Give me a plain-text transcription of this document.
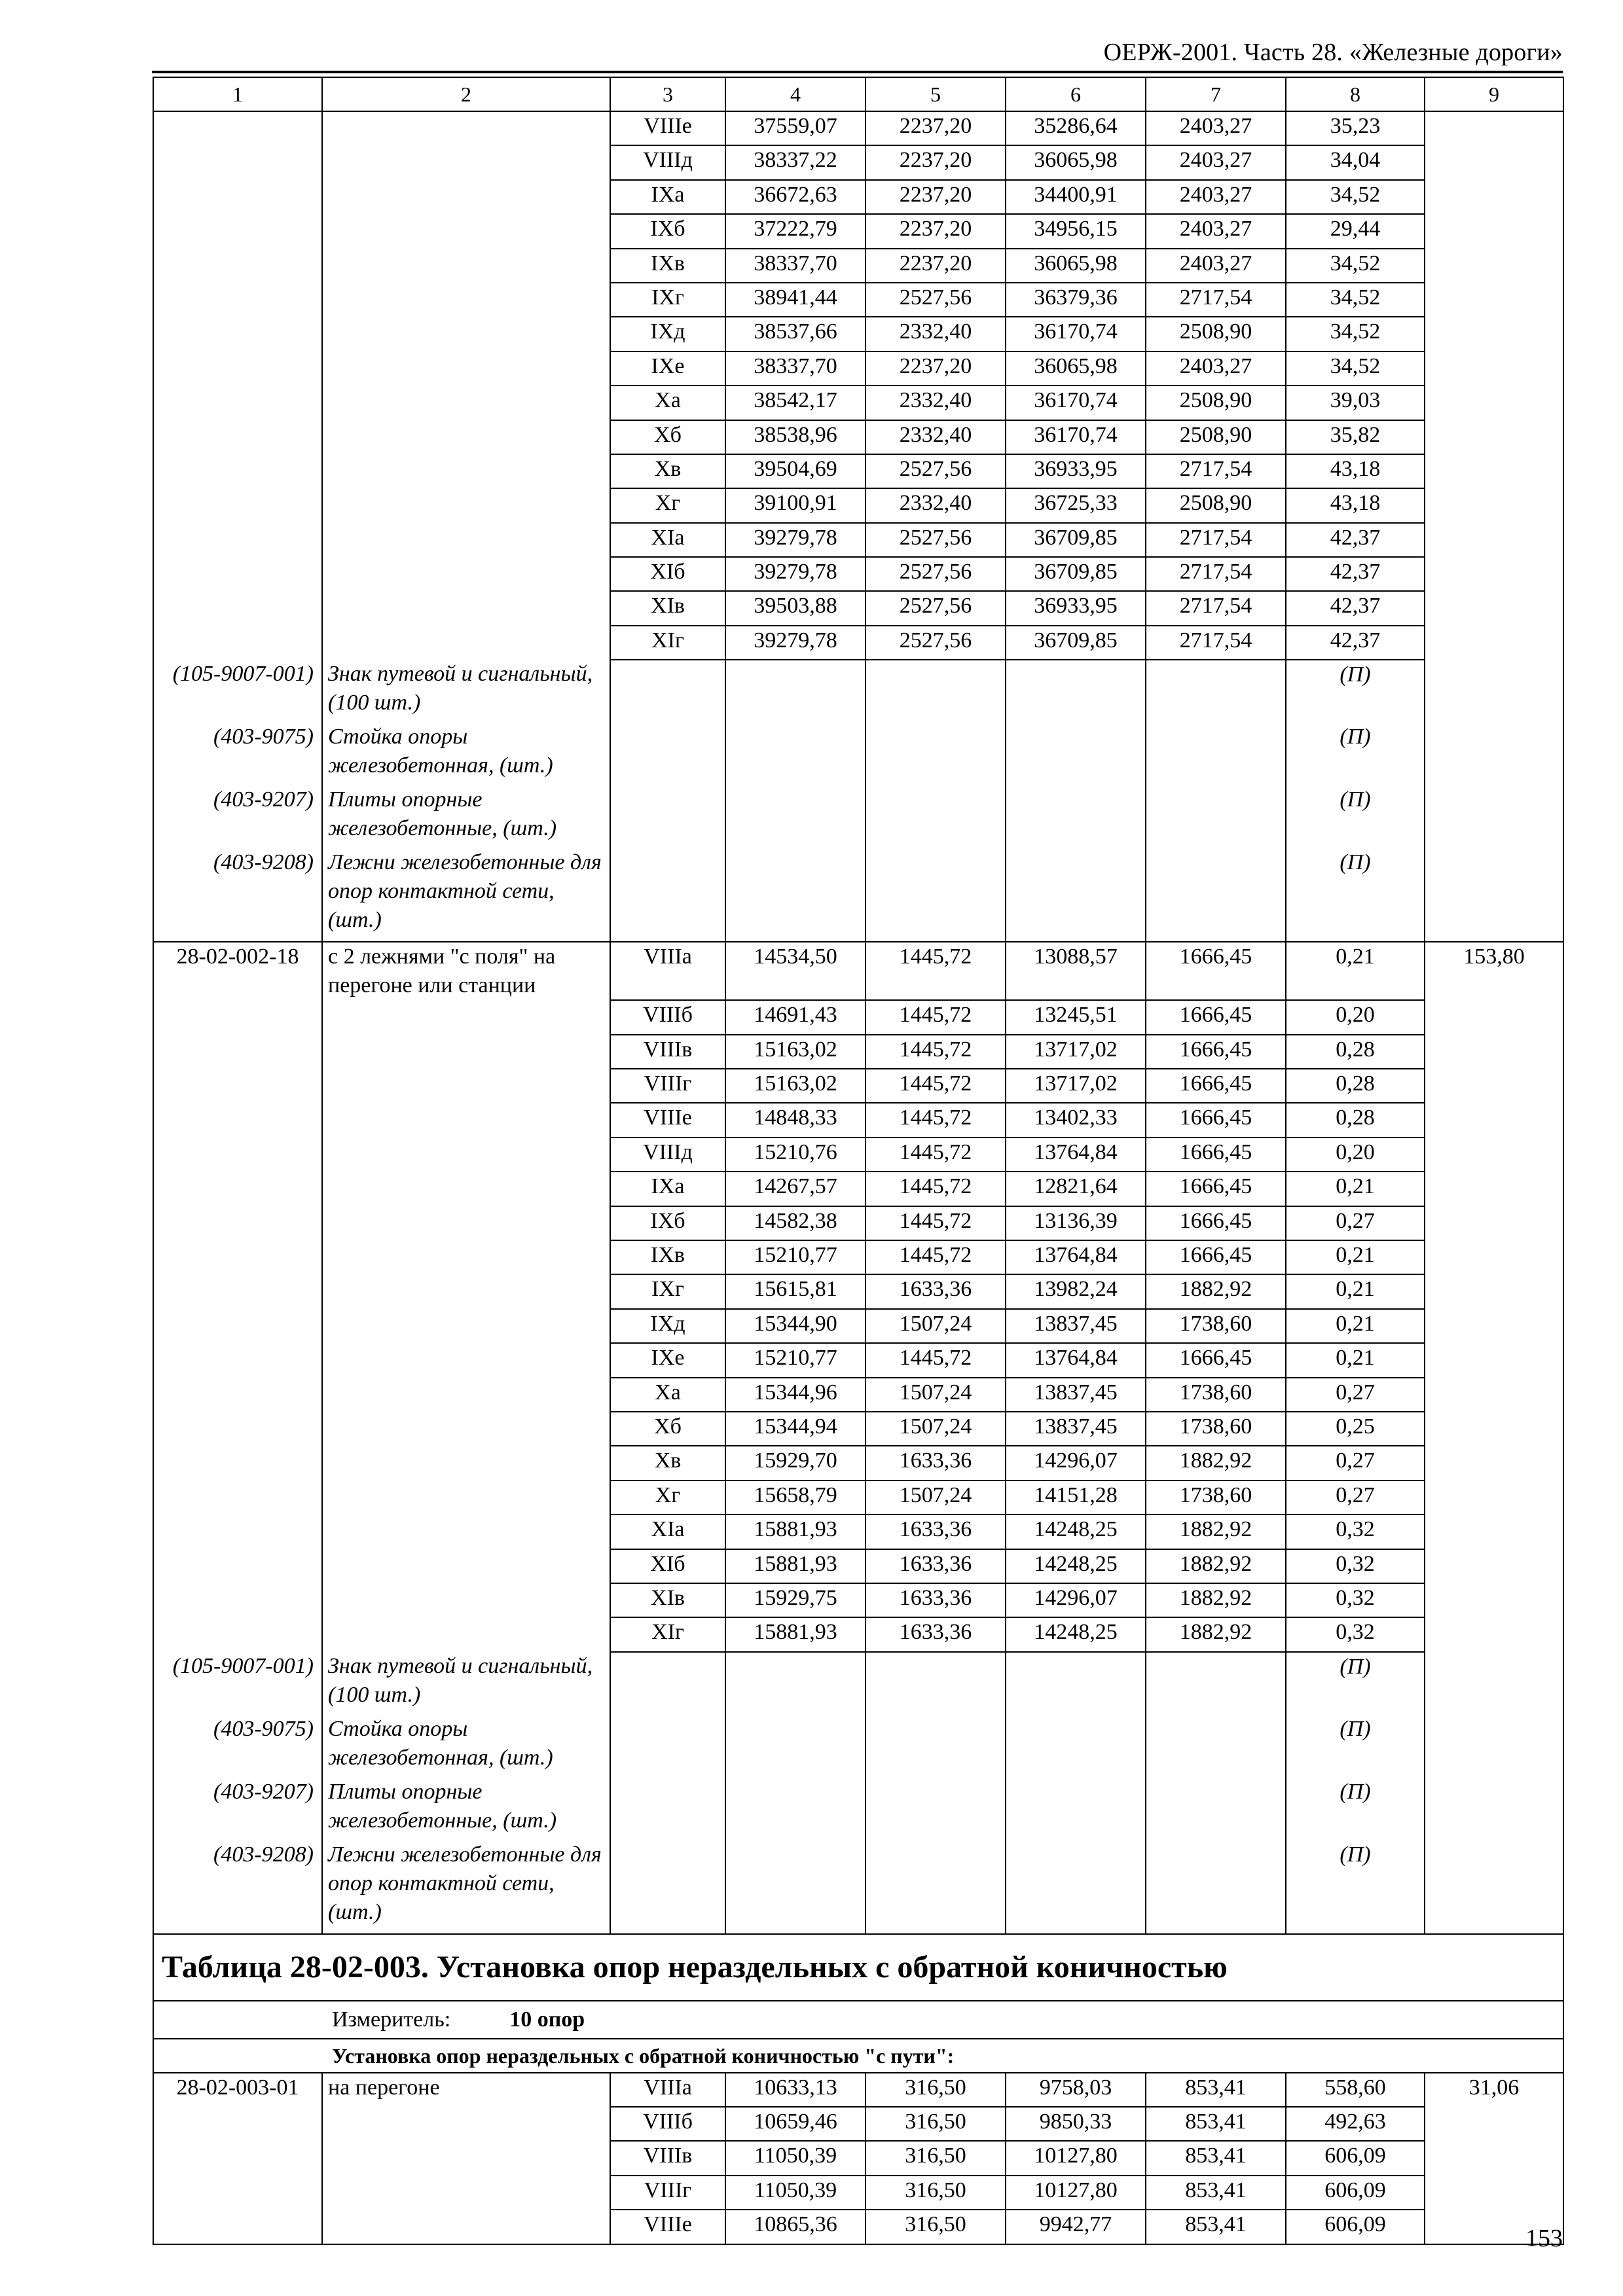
ОЕРЖ-2001. Часть 28. «Железные дороги»
1	2	3	4	5	6	7	8	9
		VIIIе	37559,07	2237,20	35286,64	2403,27	35,23	
		VIIIд	38337,22	2237,20	36065,98	2403,27	34,04	
		IXа	36672,63	2237,20	34400,91	2403,27	34,52	
		IXб	37222,79	2237,20	34956,15	2403,27	29,44	
		IXв	38337,70	2237,20	36065,98	2403,27	34,52	
		IXг	38941,44	2527,56	36379,36	2717,54	34,52	
		IXд	38537,66	2332,40	36170,74	2508,90	34,52	
		IXе	38337,70	2237,20	36065,98	2403,27	34,52	
		Xа	38542,17	2332,40	36170,74	2508,90	39,03	
		Xб	38538,96	2332,40	36170,74	2508,90	35,82	
		Xв	39504,69	2527,56	36933,95	2717,54	43,18	
		Xг	39100,91	2332,40	36725,33	2508,90	43,18	
		XIа	39279,78	2527,56	36709,85	2717,54	42,37	
		XIб	39279,78	2527,56	36709,85	2717,54	42,37	
		XIв	39503,88	2527,56	36933,95	2717,54	42,37	
		XIг	39279,78	2527,56	36709,85	2717,54	42,37	
(105-9007-001)	Знак путевой и сигнальный, (100 шт.)						(П)	
(403-9075)	Стойка опоры железобетонная, (шт.)						(П)	
(403-9207)	Плиты опорные железобетонные, (шт.)						(П)	
(403-9208)	Лежни железобетонные для опор контактной сети, (шт.)						(П)	
28-02-002-18	с 2 лежнями "с поля" на перегоне или станции	VIIIа	14534,50	1445,72	13088,57	1666,45	0,21	153,80
		VIIIб	14691,43	1445,72	13245,51	1666,45	0,20	
		VIIIв	15163,02	1445,72	13717,02	1666,45	0,28	
		VIIIг	15163,02	1445,72	13717,02	1666,45	0,28	
		VIIIе	14848,33	1445,72	13402,33	1666,45	0,28	
		VIIIд	15210,76	1445,72	13764,84	1666,45	0,20	
		IXа	14267,57	1445,72	12821,64	1666,45	0,21	
		IXб	14582,38	1445,72	13136,39	1666,45	0,27	
		IXв	15210,77	1445,72	13764,84	1666,45	0,21	
		IXг	15615,81	1633,36	13982,24	1882,92	0,21	
		IXд	15344,90	1507,24	13837,45	1738,60	0,21	
		IXе	15210,77	1445,72	13764,84	1666,45	0,21	
		Xа	15344,96	1507,24	13837,45	1738,60	0,27	
		Xб	15344,94	1507,24	13837,45	1738,60	0,25	
		Xв	15929,70	1633,36	14296,07	1882,92	0,27	
		Xг	15658,79	1507,24	14151,28	1738,60	0,27	
		XIа	15881,93	1633,36	14248,25	1882,92	0,32	
		XIб	15881,93	1633,36	14248,25	1882,92	0,32	
		XIв	15929,75	1633,36	14296,07	1882,92	0,32	
		XIг	15881,93	1633,36	14248,25	1882,92	0,32	
(105-9007-001)	Знак путевой и сигнальный, (100 шт.)						(П)	
(403-9075)	Стойка опоры железобетонная, (шт.)						(П)	
(403-9207)	Плиты опорные железобетонные, (шт.)						(П)	
(403-9208)	Лежни железобетонные для опор контактной сети, (шт.)						(П)	
Таблица 28-02-003. Установка опор нераздельных с обратной коничностью								
Измеритель: 10 опор								
Установка опор нераздельных с обратной коничностью "с пути":								
28-02-003-01	на перегоне	VIIIа	10633,13	316,50	9758,03	853,41	558,60	31,06
		VIIIб	10659,46	316,50	9850,33	853,41	492,63	
		VIIIв	11050,39	316,50	10127,80	853,41	606,09	
		VIIIг	11050,39	316,50	10127,80	853,41	606,09	
		VIIIе	10865,36	316,50	9942,77	853,41	606,09	
153
